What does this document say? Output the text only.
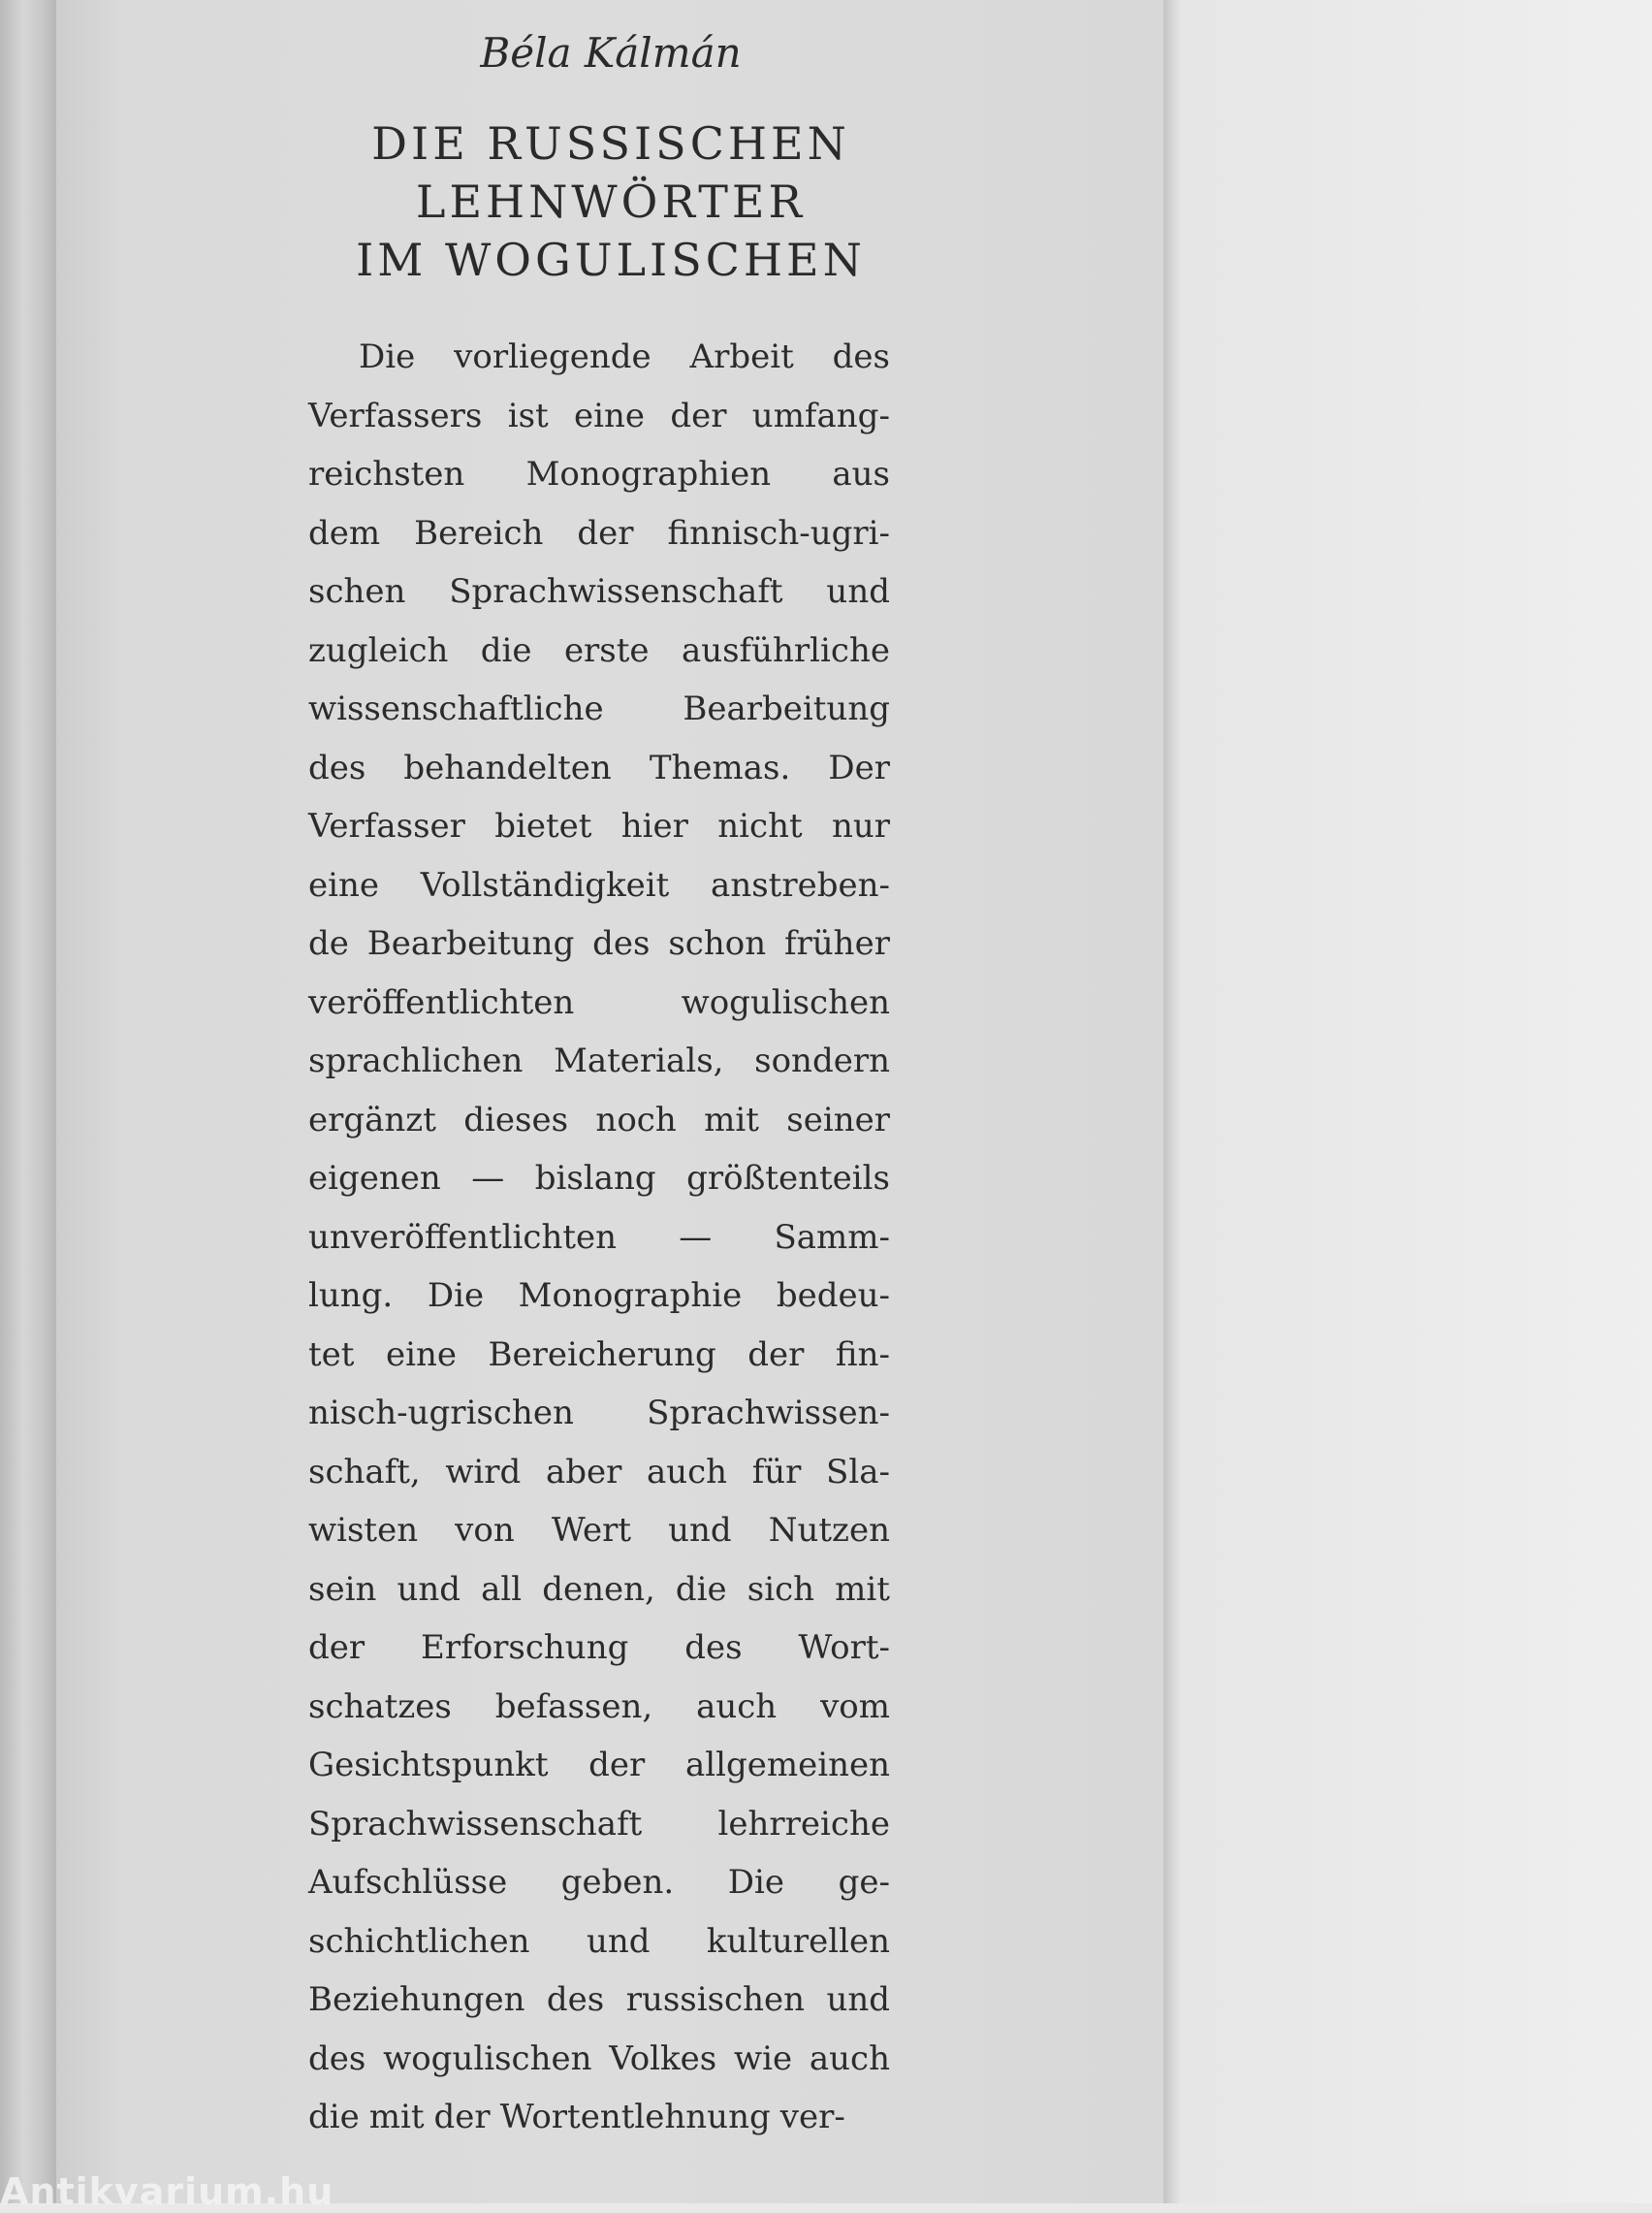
Béla Kálmán
DIE RUSSISCHEN
LEHNWÖRTER
IM WOGULISCHEN
Die vorliegende Arbeit des
Verfassers ist eine der umfang-
reichsten Monographien aus
dem Bereich der finnisch-ugri-
schen Sprachwissenschaft und
zugleich die erste ausführliche
wissenschaftliche Bearbeitung
des behandelten Themas. Der
Verfasser bietet hier nicht nur
eine Vollständigkeit anstreben-
de Bearbeitung des schon früher
veröffentlichten	wogulischen
sprachlichen Materials, sondern
ergänzt dieses noch mit seiner
eigenen — bislang größtenteils
unveröffentlichten — Samm-
lung. Die Monographie bedeu-
tet eine Bereicherung der fin-
nisch-ugrischen Sprachwissen-
schaft, wird aber auch für Sla-
wisten von Wert und Nutzen
sein und all denen, die sich mit
der Erforschung des Wort-
schatzes befassen, auch vom
Gesichtspunkt der allgemeinen
Sprachwissenschaft lehrreiche
Aufschlüsse geben. Die ge-
schichtlichen und kulturellen
Beziehungen des russischen und
des wogulischen Volkes wie auch
die mit der Wortentlehnung ver-
Antikvarium.hu
